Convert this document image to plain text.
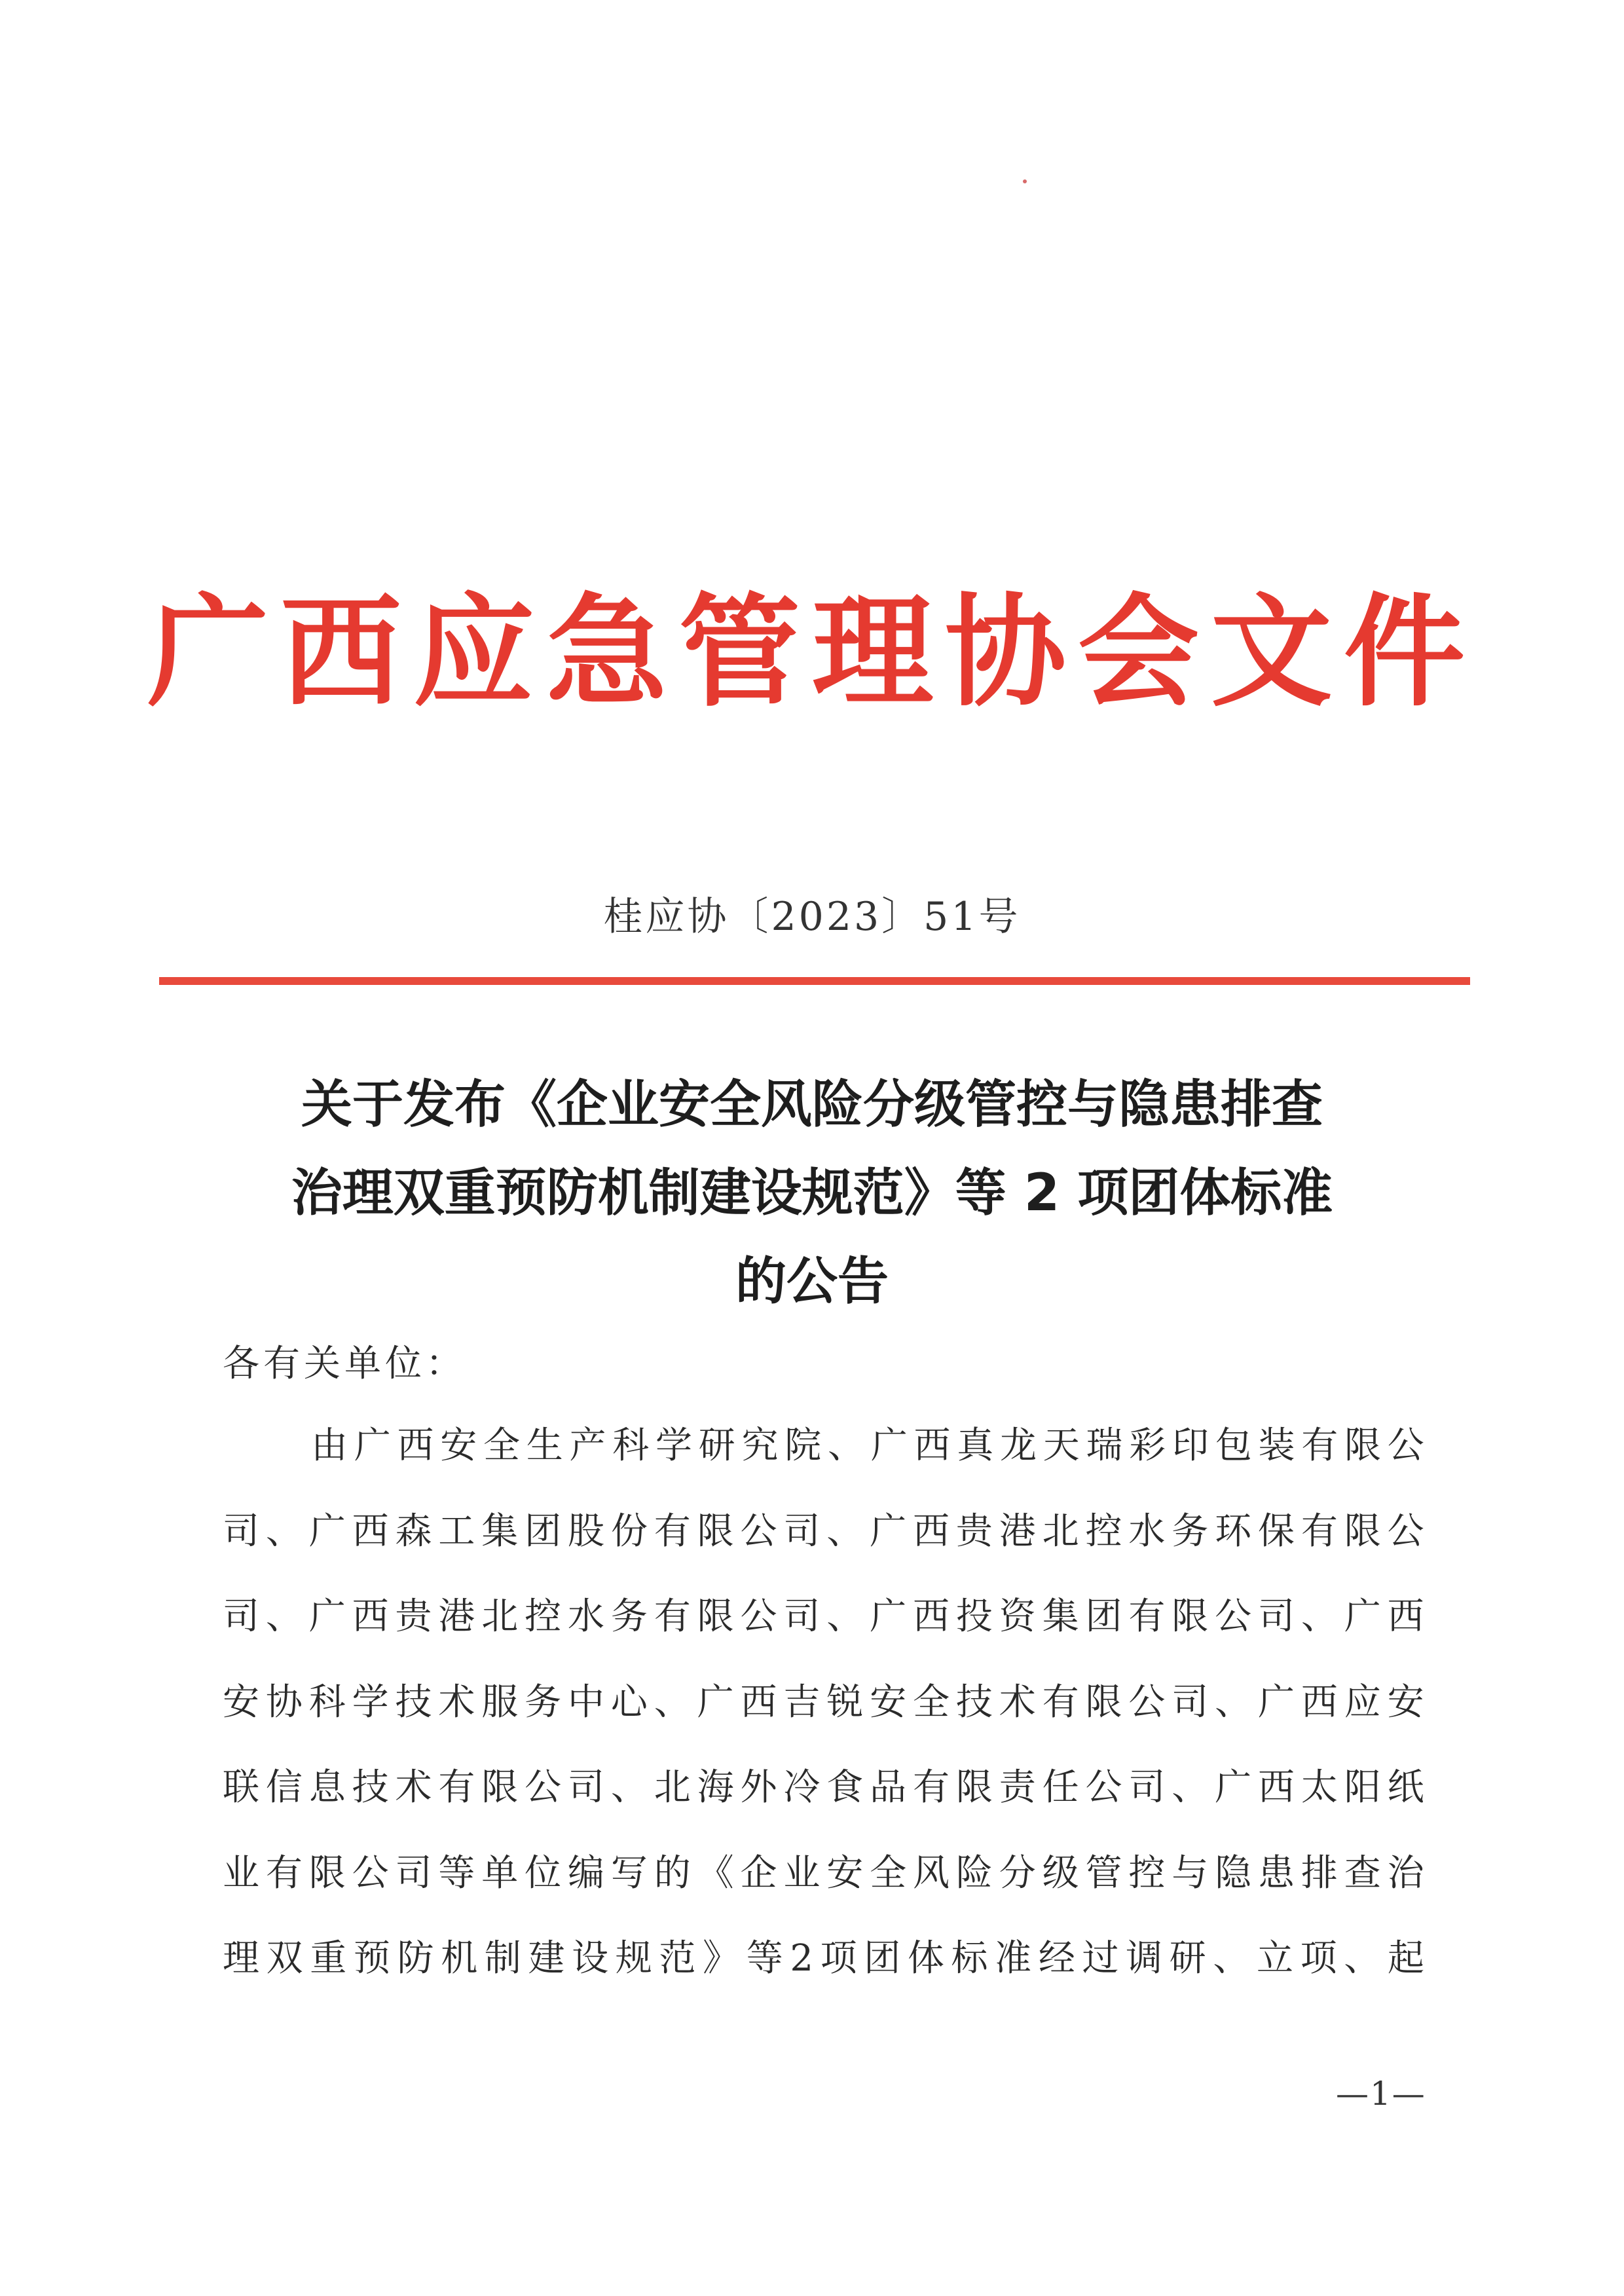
广西应急管理协会文件
桂应协〔2023〕51号
关于发布《企业安全风险分级管控与隐患排查
治理双重预防机制建设规范》等 2 项团体标准
的公告
各有关单位：
由 广 西 安 全 生 产 科 学 研 究 院 、 广 西 真 龙 天 瑞 彩 印 包 装 有 限 公
司 、 广 西 森 工 集 团 股 份 有 限 公 司 、 广 西 贵 港 北 控 水 务 环 保 有 限 公
司 、 广 西 贵 港 北 控 水 务 有 限 公 司 、 广 西 投 资 集 团 有 限 公 司 、 广 西
安 协 科 学 技 术 服 务 中 心 、 广 西 吉 锐 安 全 技 术 有 限 公 司 、 广 西 应 安
联 信 息 技 术 有 限 公 司 、 北 海 外 冷 食 品 有 限 责 任 公 司 、 广 西 太 阳 纸
业 有 限 公 司 等 单 位 编 写 的 《 企 业 安 全 风 险 分 级 管 控 与 隐 患 排 查 治
理 双 重 预 防 机 制 建 设 规 范 》 等 2 项 团 体 标 准 经 过 调 研 、 立 项 、 起
—1—
